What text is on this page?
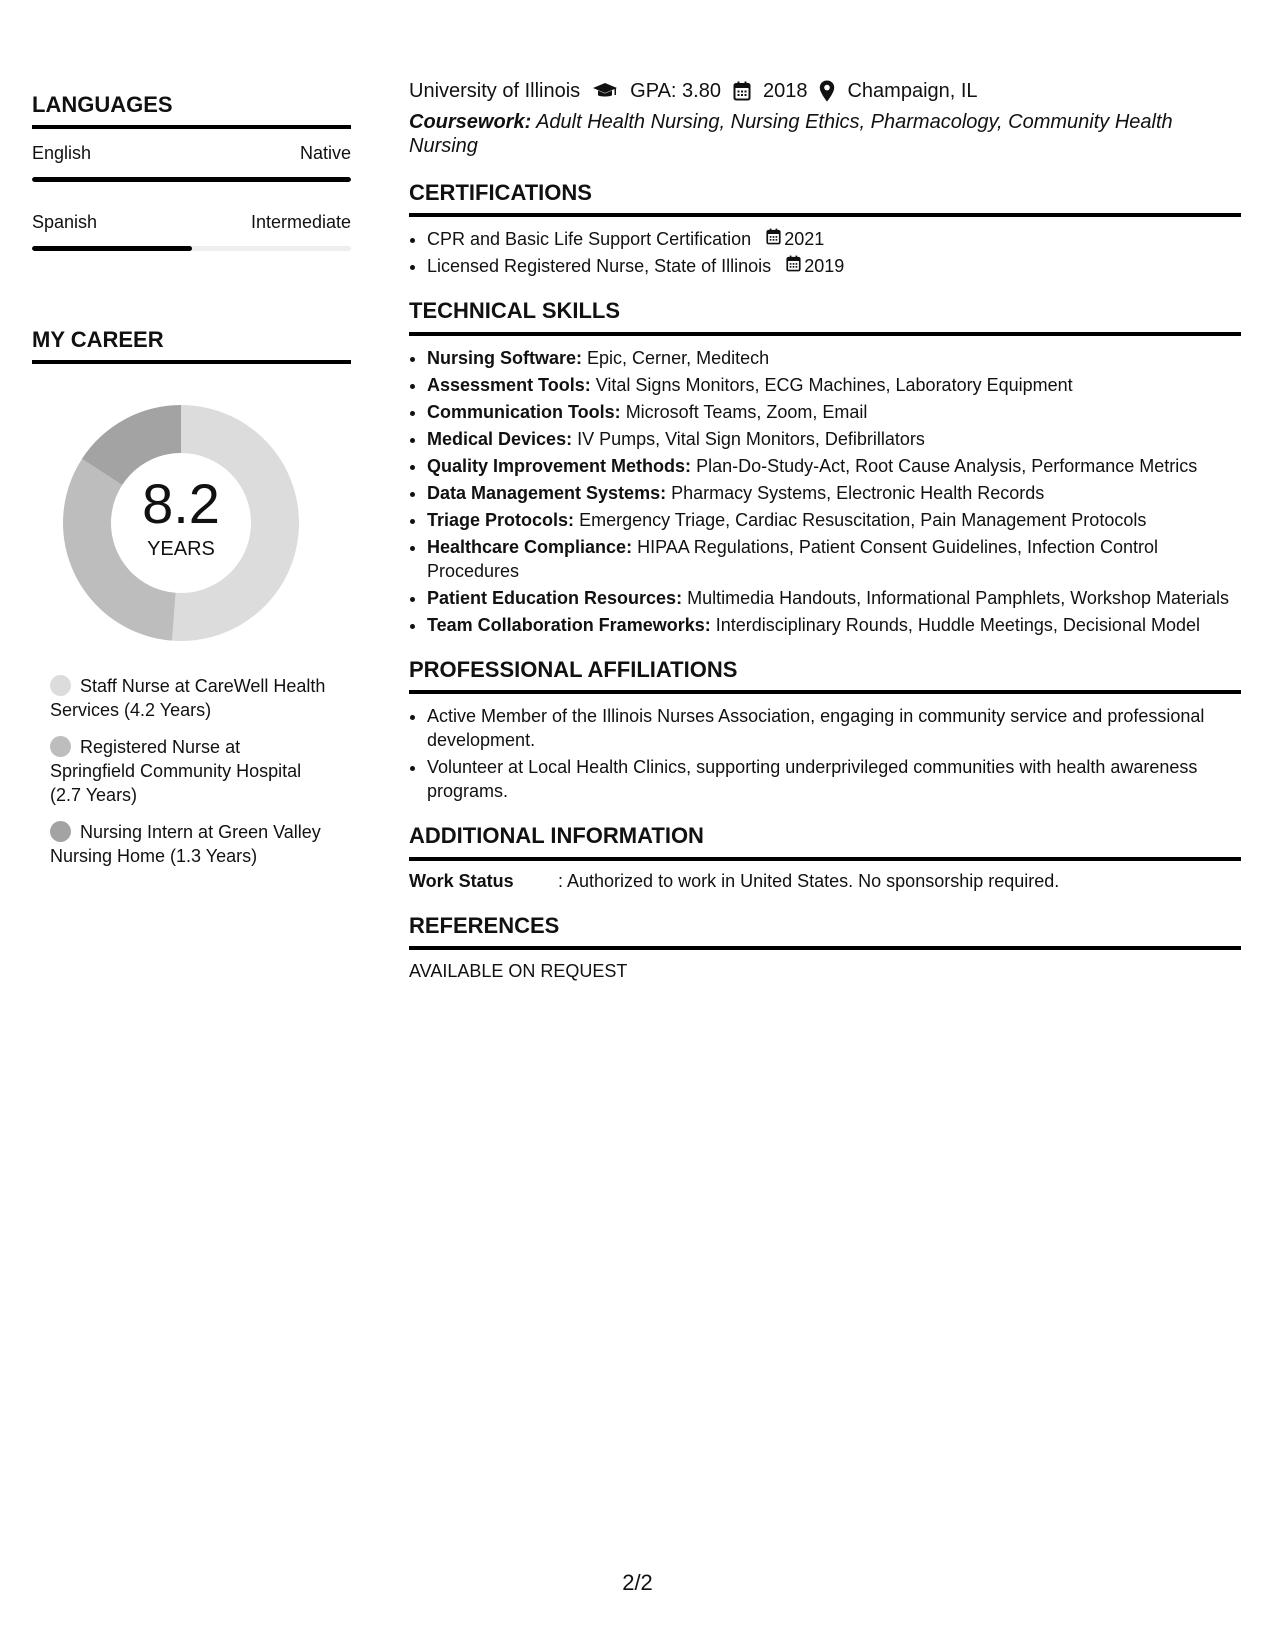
LANGUAGES
English	Native
Spanish	Intermediate
MY CAREER
8.2
YEARS
Staff Nurse at CareWell Health Services (4.2 Years)
Registered Nurse at Springfield Community Hospital (2.7 Years)
Nursing Intern at Green Valley Nursing Home (1.3 Years)
University of Illinois	GPA: 3.80 2018 Champaign, IL
Coursework: Adult Health Nursing, Nursing Ethics, Pharmacology, Community Health Nursing
CERTIFICATIONS
• CPR and Basic Life Support Certification 2021
• Licensed Registered Nurse, State of Illinois 2019
TECHNICAL SKILLS
• Nursing Software: Epic, Cerner, Meditech
• Assessment Tools: Vital Signs Monitors, ECG Machines, Laboratory Equipment
• Communication Tools: Microsoft Teams, Zoom, Email
• Medical Devices: IV Pumps, Vital Sign Monitors, Defibrillators
• Quality Improvement Methods: Plan-Do-Study-Act, Root Cause Analysis, Performance Metrics
• Data Management Systems: Pharmacy Systems, Electronic Health Records
• Triage Protocols: Emergency Triage, Cardiac Resuscitation, Pain Management Protocols
• Healthcare Compliance: HIPAA Regulations, Patient Consent Guidelines, Infection Control Procedures
• Patient Education Resources: Multimedia Handouts, Informational Pamphlets, Workshop Materials
• Team Collaboration Frameworks: Interdisciplinary Rounds, Huddle Meetings, Decisional Model
PROFESSIONAL AFFILIATIONS
• Active Member of the Illinois Nurses Association, engaging in community service and professional development.
• Volunteer at Local Health Clinics, supporting underprivileged communities with health awareness programs.
ADDITIONAL INFORMATION
Work Status	: Authorized to work in United States. No sponsorship required.
REFERENCES
AVAILABLE ON REQUEST
2/2
